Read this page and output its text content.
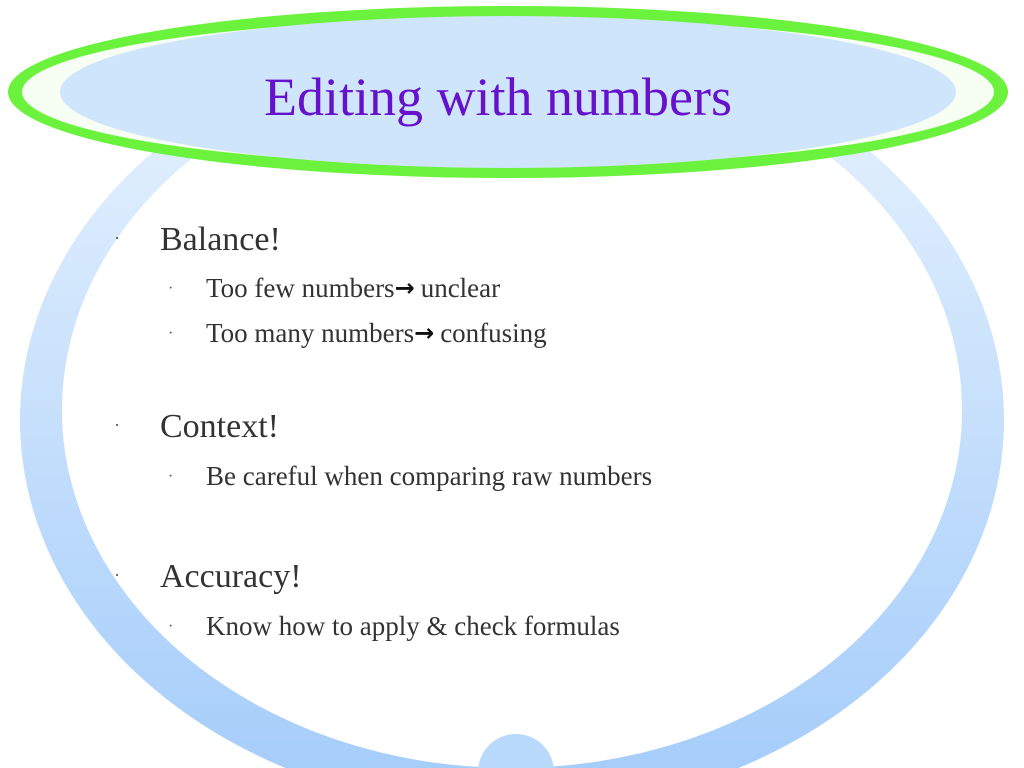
Editing with numbers
· Balance!
· Too few numbers→ unclear
· Too many numbers→ confusing
· Context!
· Be careful when comparing raw numbers
· Accuracy!
· Know how to apply & check formulas
